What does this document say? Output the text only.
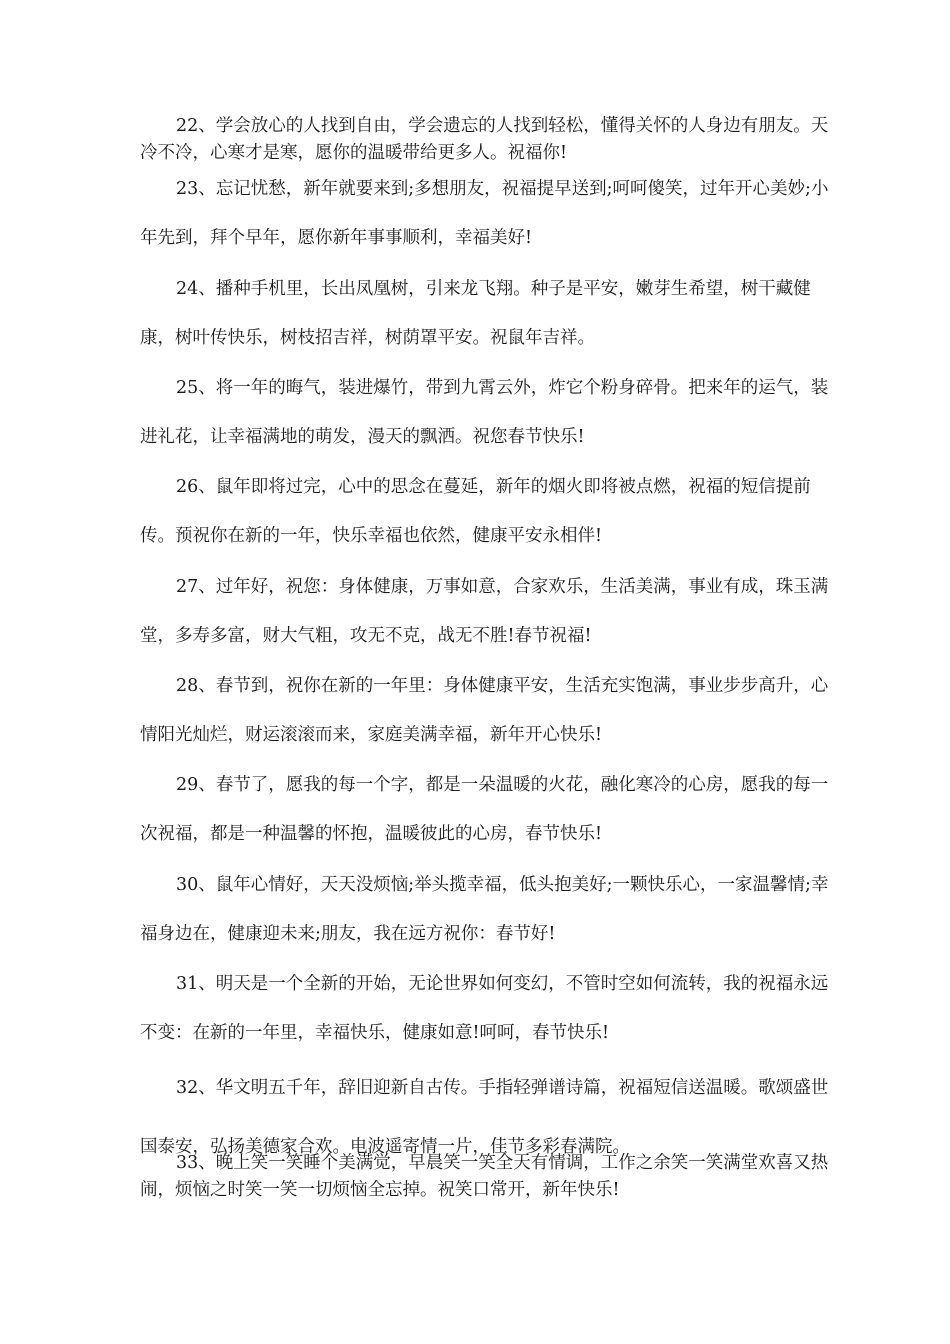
22、学会放心的人找到自由，学会遗忘的人找到轻松，懂得关怀的人身边有朋友。天冷不冷，心寒才是寒，愿你的温暖带给更多人。祝福你!

23、忘记忧愁，新年就要来到;多想朋友，祝福提早送到;呵呵傻笑，过年开心美妙;小年先到，拜个早年，愿你新年事事顺利，幸福美好!

24、播种手机里，长出凤凰树，引来龙飞翔。种子是平安，嫩芽生希望，树干藏健康，树叶传快乐，树枝招吉祥，树荫罩平安。祝鼠年吉祥。

25、将一年的晦气，装进爆竹，带到九霄云外，炸它个粉身碎骨。把来年的运气，装进礼花，让幸福满地的萌发，漫天的飘洒。祝您春节快乐!

26、鼠年即将过完，心中的思念在蔓延，新年的烟火即将被点燃，祝福的短信提前传。预祝你在新的一年，快乐幸福也依然，健康平安永相伴!

27、过年好，祝您：身体健康，万事如意，合家欢乐，生活美满，事业有成，珠玉满堂，多寿多富，财大气粗，攻无不克，战无不胜!春节祝福!

28、春节到，祝你在新的一年里：身体健康平安，生活充实饱满，事业步步高升，心情阳光灿烂，财运滚滚而来，家庭美满幸福，新年开心快乐!

29、春节了，愿我的每一个字，都是一朵温暖的火花，融化寒冷的心房，愿我的每一次祝福，都是一种温馨的怀抱，温暖彼此的心房，春节快乐!

30、鼠年心情好，天天没烦恼;举头揽幸福，低头抱美好;一颗快乐心，一家温馨情;幸福身边在，健康迎未来;朋友，我在远方祝你：春节好!

31、明天是一个全新的开始，无论世界如何变幻，不管时空如何流转，我的祝福永远不变：在新的一年里，幸福快乐，健康如意!呵呵，春节快乐!

32、华文明五千年，辞旧迎新自古传。手指轻弹谱诗篇，祝福短信送温暖。歌颂盛世国泰安，弘扬美德家合欢。电波遥寄情一片，佳节多彩春满院。

33、晚上笑一笑睡个美满觉，早晨笑一笑全天有情调，工作之余笑一笑满堂欢喜又热闹，烦恼之时笑一笑一切烦恼全忘掉。祝笑口常开，新年快乐!
